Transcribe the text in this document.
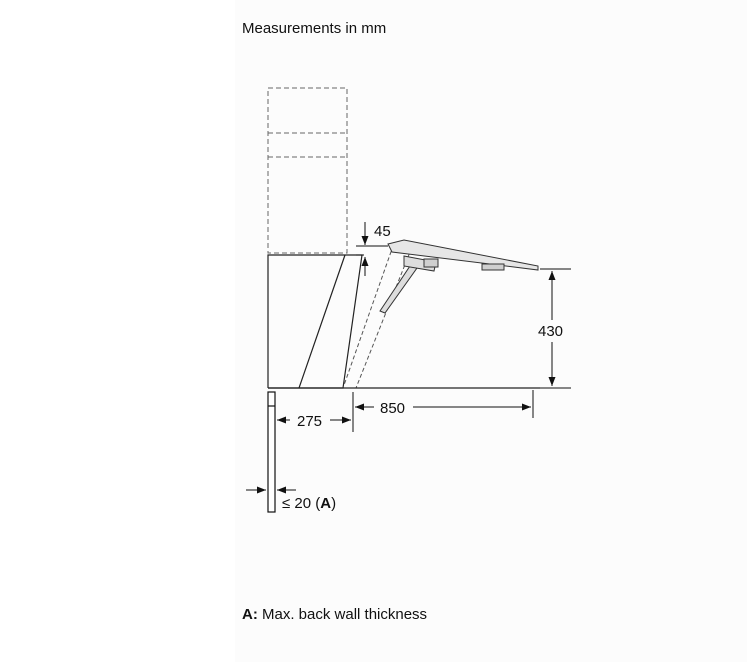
Measurements in mm
45
430
850
275
≤ 20 (A)
A: Max. back wall thickness
